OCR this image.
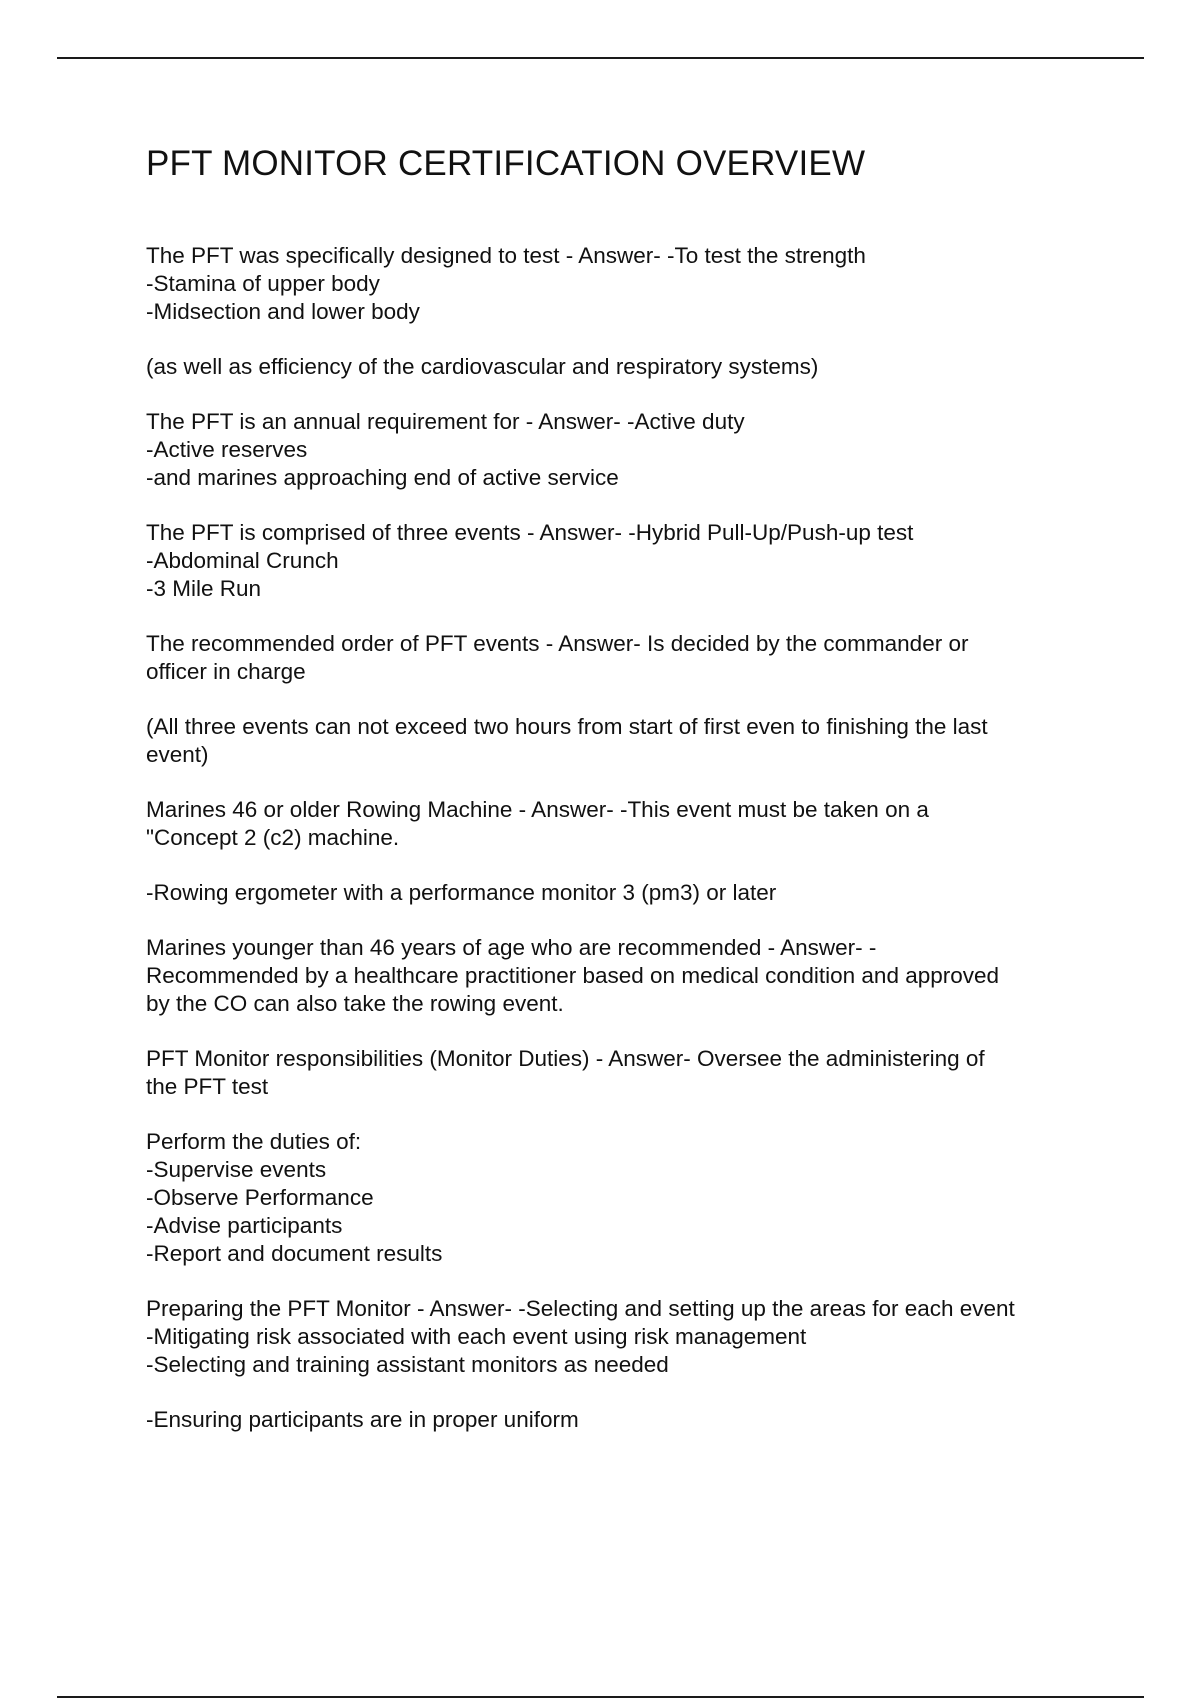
PFT MONITOR CERTIFICATION OVERVIEW

The PFT was specifically designed to test - Answer- -To test the strength
-Stamina of upper body
-Midsection and lower body

(as well as efficiency of the cardiovascular and respiratory systems)

The PFT is an annual requirement for - Answer- -Active duty
-Active reserves
-and marines approaching end of active service

The PFT is comprised of three events - Answer- -Hybrid Pull-Up/Push-up test
-Abdominal Crunch
-3 Mile Run

The recommended order of PFT events - Answer- Is decided by the commander or
officer in charge

(All three events can not exceed two hours from start of first even to finishing the last
event)

Marines 46 or older Rowing Machine - Answer- -This event must be taken on a
"Concept 2 (c2) machine.

-Rowing ergometer with a performance monitor 3 (pm3) or later

Marines younger than 46 years of age who are recommended - Answer- -
Recommended by a healthcare practitioner based on medical condition and approved
by the CO can also take the rowing event.

PFT Monitor responsibilities (Monitor Duties) - Answer- Oversee the administering of
the PFT test

Perform the duties of:
-Supervise events
-Observe Performance
-Advise participants
-Report and document results

Preparing the PFT Monitor - Answer- -Selecting and setting up the areas for each event
-Mitigating risk associated with each event using risk management
-Selecting and training assistant monitors as needed

-Ensuring participants are in proper uniform
